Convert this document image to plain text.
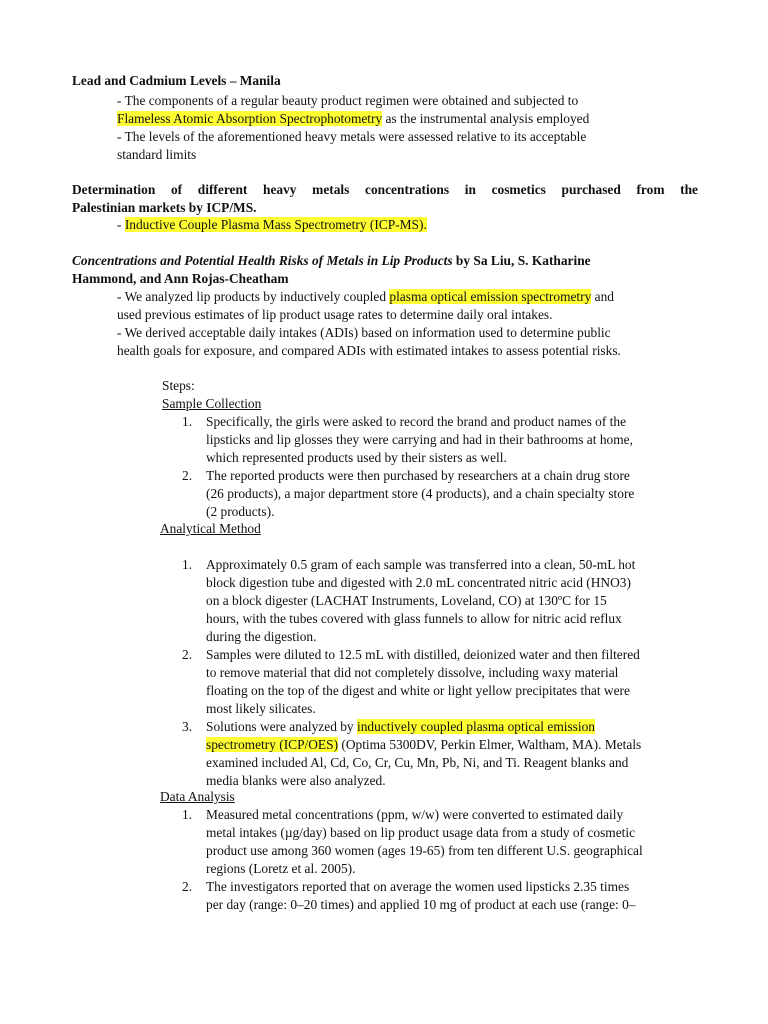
Lead and Cadmium Levels – Manila
- The components of a regular beauty product regimen were obtained and subjected to
Flameless Atomic Absorption Spectrophotometry as the instrumental analysis employed
- The levels of the aforementioned heavy metals were assessed relative to its acceptable
standard limits
Determination of different heavy metals concentrations in cosmetics purchased from the
Palestinian markets by ICP/MS.
- Inductive Couple Plasma Mass Spectrometry (ICP-MS).
Concentrations and Potential Health Risks of Metals in Lip Products by Sa Liu, S. Katharine
Hammond, and Ann Rojas-Cheatham
- We analyzed lip products by inductively coupled plasma optical emission spectrometry and
used previous estimates of lip product usage rates to determine daily oral intakes.
- We derived acceptable daily intakes (ADIs) based on information used to determine public
health goals for exposure, and compared ADIs with estimated intakes to assess potential risks.
Steps:
Sample Collection
1. Specifically, the girls were asked to record the brand and product names of the
lipsticks and lip glosses they were carrying and had in their bathrooms at home,
which represented products used by their sisters as well.
2. The reported products were then purchased by researchers at a chain drug store
(26 products), a major department store (4 products), and a chain specialty store
(2 products).
Analytical Method
1. Approximately 0.5 gram of each sample was transferred into a clean, 50-mL hot
block digestion tube and digested with 2.0 mL concentrated nitric acid (HNO3)
on a block digester (LACHAT Instruments, Loveland, CO) at 130ºC for 15
hours, with the tubes covered with glass funnels to allow for nitric acid reflux
during the digestion.
2. Samples were diluted to 12.5 mL with distilled, deionized water and then filtered
to remove material that did not completely dissolve, including waxy material
floating on the top of the digest and white or light yellow precipitates that were
most likely silicates.
3. Solutions were analyzed by inductively coupled plasma optical emission
spectrometry (ICP/OES) (Optima 5300DV, Perkin Elmer, Waltham, MA). Metals
examined included Al, Cd, Co, Cr, Cu, Mn, Pb, Ni, and Ti. Reagent blanks and
media blanks were also analyzed.
Data Analysis
1. Measured metal concentrations (ppm, w/w) were converted to estimated daily
metal intakes (µg/day) based on lip product usage data from a study of cosmetic
product use among 360 women (ages 19-65) from ten different U.S. geographical
regions (Loretz et al. 2005).
2. The investigators reported that on average the women used lipsticks 2.35 times
per day (range: 0–20 times) and applied 10 mg of product at each use (range: 0–
